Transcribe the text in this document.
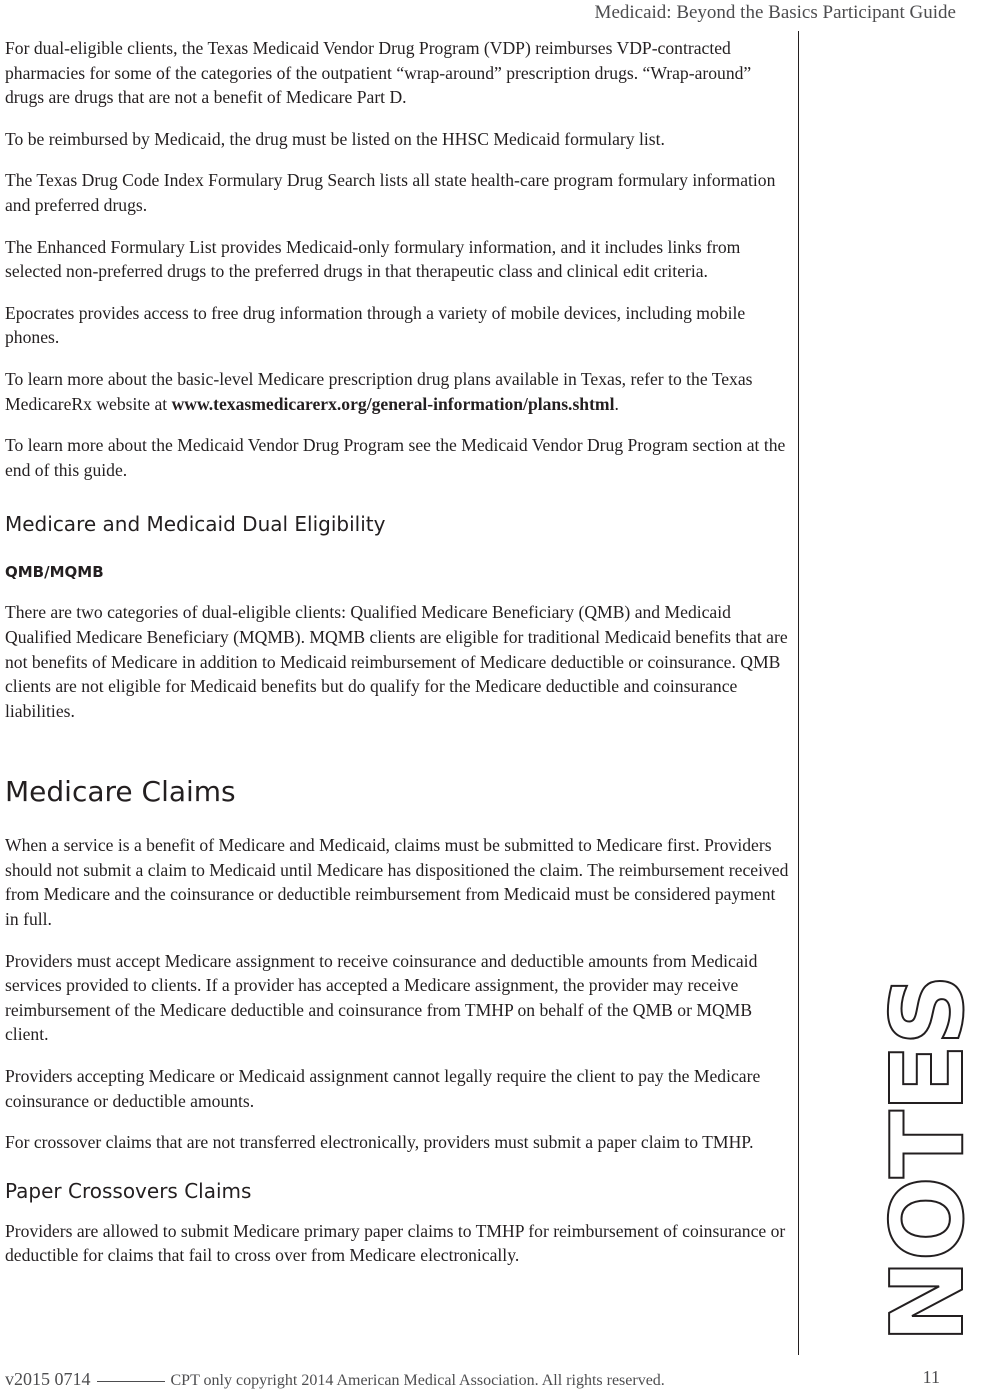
Medicaid: Beyond the Basics Participant Guide
NOTES

For dual-eligible clients, the Texas Medicaid Vendor Drug Program (VDP) reimburses VDP-contracted pharmacies for some of the categories of the outpatient “wrap-around” prescription drugs. “Wrap-around” drugs are drugs that are not a benefit of Medicare Part D.

To be reimbursed by Medicaid, the drug must be listed on the HHSC Medicaid formulary list.

The Texas Drug Code Index Formulary Drug Search lists all state health-care program formulary information and preferred drugs.

The Enhanced Formulary List provides Medicaid-only formulary information, and it includes links from selected non-preferred drugs to the preferred drugs in that therapeutic class and clinical edit criteria.

Epocrates provides access to free drug information through a variety of mobile devices, including mobile phones.

To learn more about the basic-level Medicare prescription drug plans available in Texas, refer to the Texas MedicareRx website at www.texasmedicarerx.org/general-information/plans.shtml.

To learn more about the Medicaid Vendor Drug Program see the Medicaid Vendor Drug Program section at the end of this guide.

Medicare and Medicaid Dual Eligibility
QMB/MQMB

There are two categories of dual-eligible clients: Qualified Medicare Beneficiary (QMB) and Medicaid Qualified Medicare Beneficiary (MQMB). MQMB clients are eligible for traditional Medicaid benefits that are not benefits of Medicare in addition to Medicaid reimbursement of Medicare deductible or coinsurance. QMB clients are not eligible for Medicaid benefits but do qualify for the Medicare deductible and coinsurance liabilities.

Medicare Claims

When a service is a benefit of Medicare and Medicaid, claims must be submitted to Medicare first. Providers should not submit a claim to Medicaid until Medicare has dispositioned the claim. The reimbursement received from Medicare and the coinsurance or deductible reimbursement from Medicaid must be considered payment in full.

Providers must accept Medicare assignment to receive coinsurance and deductible amounts from Medicaid services provided to clients. If a provider has accepted a Medicare assignment, the provider may receive reimbursement of the Medicare deductible and coinsurance from TMHP on behalf of the QMB or MQMB client.

Providers accepting Medicare or Medicaid assignment cannot legally require the client to pay the Medicare coinsurance or deductible amounts.

For crossover claims that are not transferred electronically, providers must submit a paper claim to TMHP.

Paper Crossovers Claims

Providers are allowed to submit Medicare primary paper claims to TMHP for reimbursement of coinsurance or deductible for claims that fail to cross over from Medicare electronically.

v2015 0714	CPT only copyright 2014 American Medical Association. All rights reserved.	11
